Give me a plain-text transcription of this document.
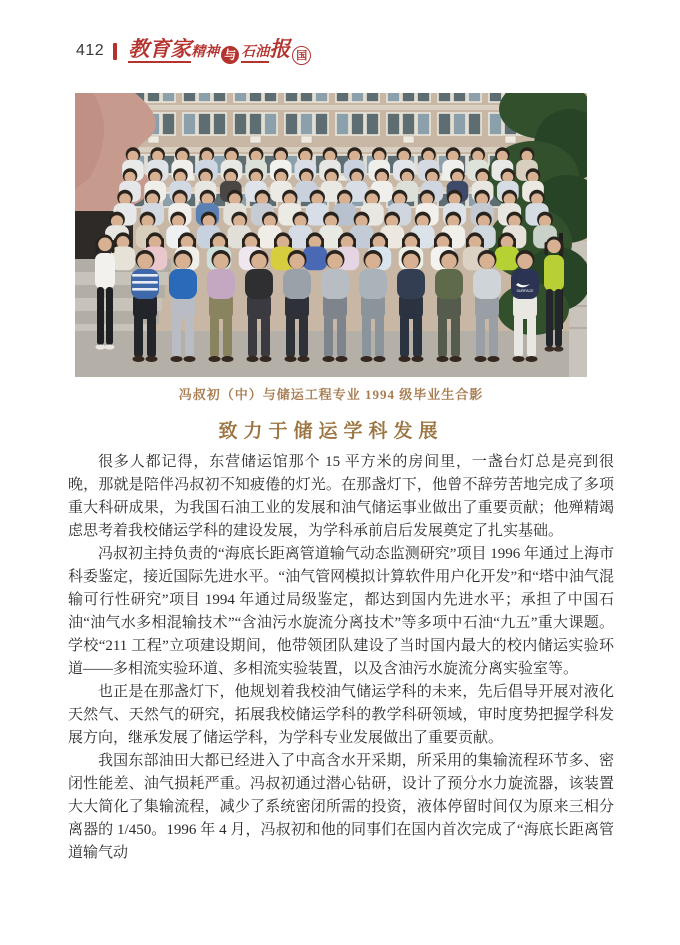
412 教育家 精神 与 石油 报 国
SURFACE
冯叔初（中）与储运工程专业 1994 级毕业生合影
致力于储运学科发展

很多人都记得，东营储运馆那个 15 平方米的房间里，一盏台灯总是亮到很晚，那就是陪伴冯叔初不知疲倦的灯光。在那盏灯下，他曾不辞劳苦地完成了多项重大科研成果，为我国石油工业的发展和油气储运事业做出了重要贡献；他殚精竭虑思考着我校储运学科的建设发展，为学科承前启后发展奠定了扎实基础。

冯叔初主持负责的“海底长距离管道输气动态监测研究”项目 1996 年通过上海市科委鉴定，接近国际先进水平。“油气管网模拟计算软件用户化开发”和“塔中油气混输可行性研究”项目 1994 年通过局级鉴定，都达到国内先进水平；承担了中国石油“油气水多相混输技术”“含油污水旋流分离技术”等多项中石油“九五”重大课题。学校“211 工程”立项建设期间，他带领团队建设了当时国内最大的校内储运实验环道——多相流实验环道、多相流实验装置，以及含油污水旋流分离实验室等。

也正是在那盏灯下，他规划着我校油气储运学科的未来，先后倡导开展对液化天然气、天然气的研究，拓展我校储运学科的教学科研领域，审时度势把握学科发展方向，继承发展了储运学科，为学科专业发展做出了重要贡献。

我国东部油田大都已经进入了中高含水开采期，所采用的集输流程环节多、密闭性能差、油气损耗严重。冯叔初通过潜心钻研，设计了预分水力旋流器，该装置大大简化了集输流程，减少了系统密闭所需的投资，液体停留时间仅为原来三相分离器的 1/450。1996 年 4 月，冯叔初和他的同事们在国内首次完成了“海底长距离管道输气动
